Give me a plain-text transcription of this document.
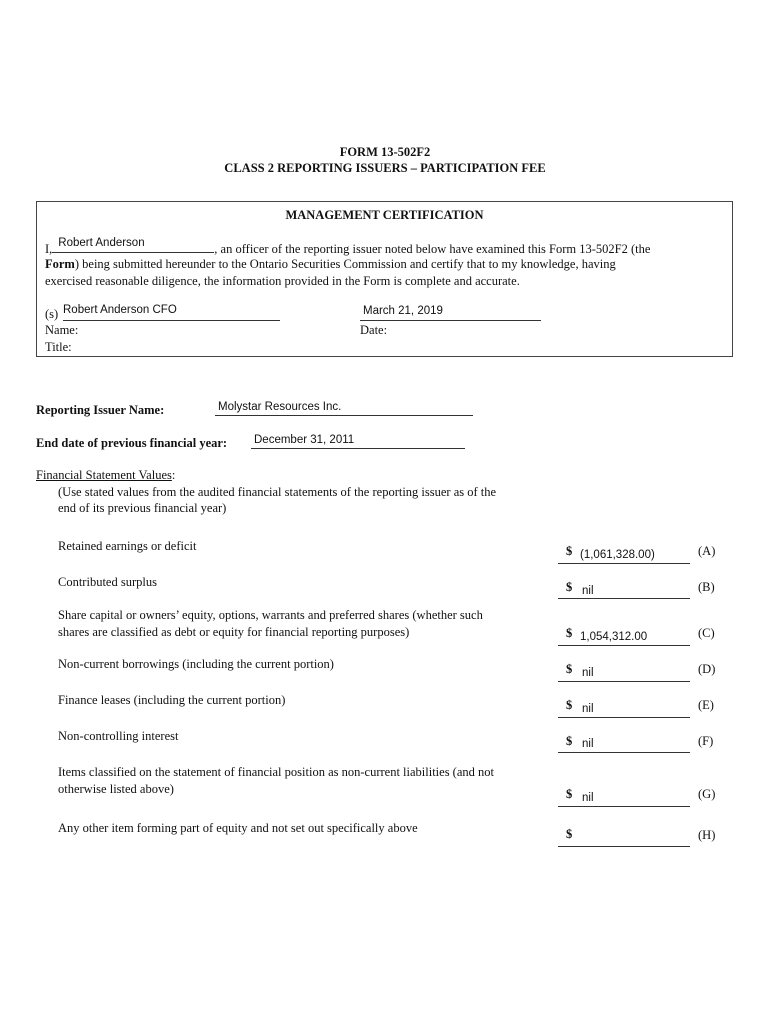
FORM 13-502F2
CLASS 2 REPORTING ISSUERS – PARTICIPATION FEE
MANAGEMENT CERTIFICATION
I, Robert Anderson	, an officer of the reporting issuer noted below have examined this Form 13-502F2 (the
Form) being submitted hereunder to the Ontario Securities Commission and certify that to my knowledge, having
exercised reasonable diligence, the information provided in the Form is complete and accurate.
(s) Robert Anderson CFO	March 21, 2019
Name:	Date:
Title:
Reporting Issuer Name:	Molystar Resources Inc.
End date of previous financial year: December 31, 2011
Financial Statement Values:
(Use stated values from the audited financial statements of the reporting issuer as of the
end of its previous financial year)
Retained earnings or deficit	$ (1,061,328.00)	(A)
Contributed surplus	$ nil	(B)
Share capital or owners’ equity, options, warrants and preferred shares (whether such
shares are classified as debt or equity for financial reporting purposes)	$ 1,054,312.00	(C)
Non-current borrowings (including the current portion)	$ nil	(D)
Finance leases (including the current portion)	$ nil	(E)
Non-controlling interest	$ nil	(F)
Items classified on the statement of financial position as non-current liabilities (and not
otherwise listed above)	$ nil	(G)
Any other item forming part of equity and not set out specifically above	$	(H)
